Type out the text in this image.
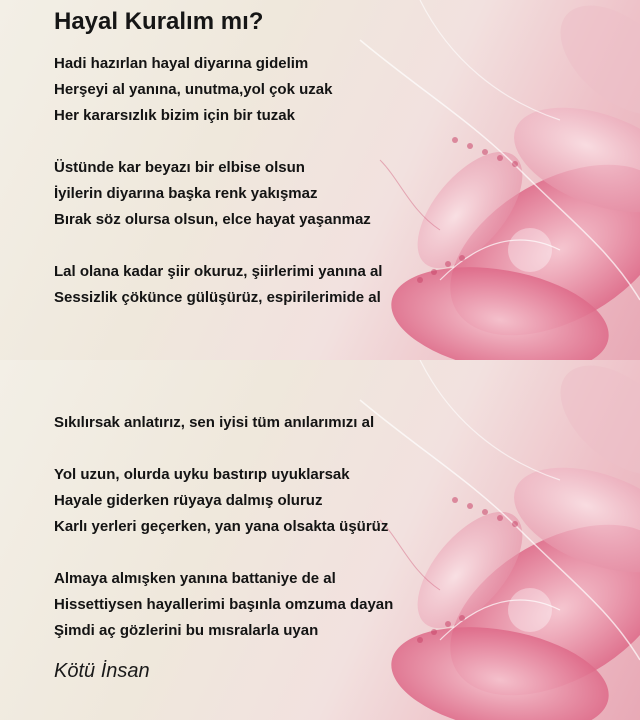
Hayal Kuralım mı?
Hadi hazırlan hayal diyarına gidelim
Herşeyi al yanına, unutma,yol çok uzak
Her kararsızlık bizim için bir tuzak
Üstünde kar beyazı bir elbise olsun
İyilerin diyarına başka renk yakışmaz
Bırak söz olursa olsun, elce hayat yaşanmaz
Lal olana kadar şiir okuruz, şiirlerimi yanına al
Sessizlik çökünce gülüşürüz, espirilerimide al
Sıkılırsak anlatırız, sen iyisi tüm anılarımızı al
Yol uzun, olurda uyku bastırıp uyuklarsak
Hayale giderken rüyaya dalmış oluruz
Karlı yerleri geçerken, yan yana olsakta üşürüz
Almaya almışken yanına battaniye de al
Hissettiysen hayallerimi başınla omzuma dayan
Şimdi aç gözlerini bu mısralarla uyan
Kötü İnsan
